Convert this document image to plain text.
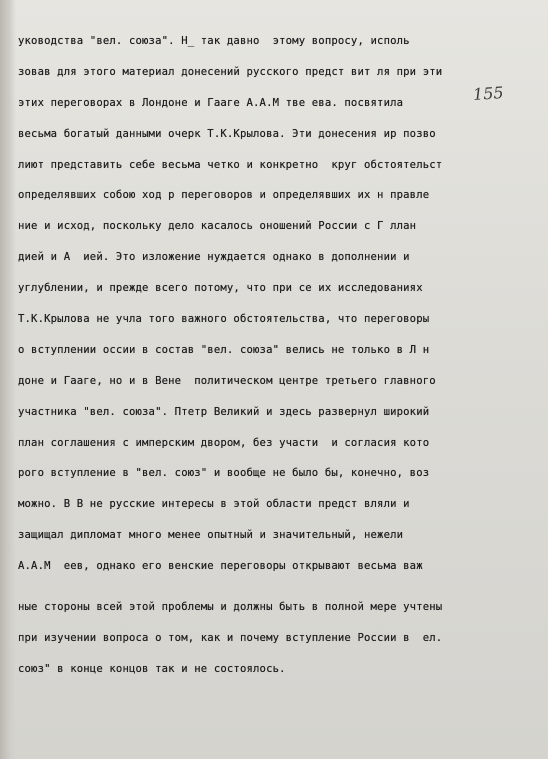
155
уководства "вел. союза". Н_ так давно  этому вопросу, исполь
зовав для этого материал донесений русского предст вит ля при эти
этих переговорах в Лондоне и Гааге А.А.М тве ева. посвятила
весьма богатый данными очерк Т.К.Крылова. Эти донесения ир позво
лиют представить себе весьма четко и конкретно  круг обстоятельст
определявших собою ход р переговоров и определявших их н правле
ние и исход, поскольку дело касалось оношений России с Г ллан
дией и А  ией. Это изложение нуждается однако в дополнении и
углублении, и прежде всего потому, что при се их исследованиях
Т.К.Крылова не учла того важного обстоятельства, что переговоры
о вступлении оссии в состав "вел. союза" велись не только в Л н
доне и Гааге, но и в Вене  политическом центре третьего главного
участника "вел. союза". Птетр Великий и здесь развернул широкий
план соглашения с имперским двором, без участи  и согласия кото
рого вступление в "вел. союз" и вообще не было бы, конечно, воз
можно. В В не русские интересы в этой области предст вляли и
защищал дипломат много менее опытный и значительный, нежели
А.А.М  еев, однако его венские переговоры открывают весьма важ
ные стороны всей этой проблемы и должны быть в полной мере учтены
при изучении вопроса о том, как и почему вступление России в  ел.
союз" в конце концов так и не состоялось.
